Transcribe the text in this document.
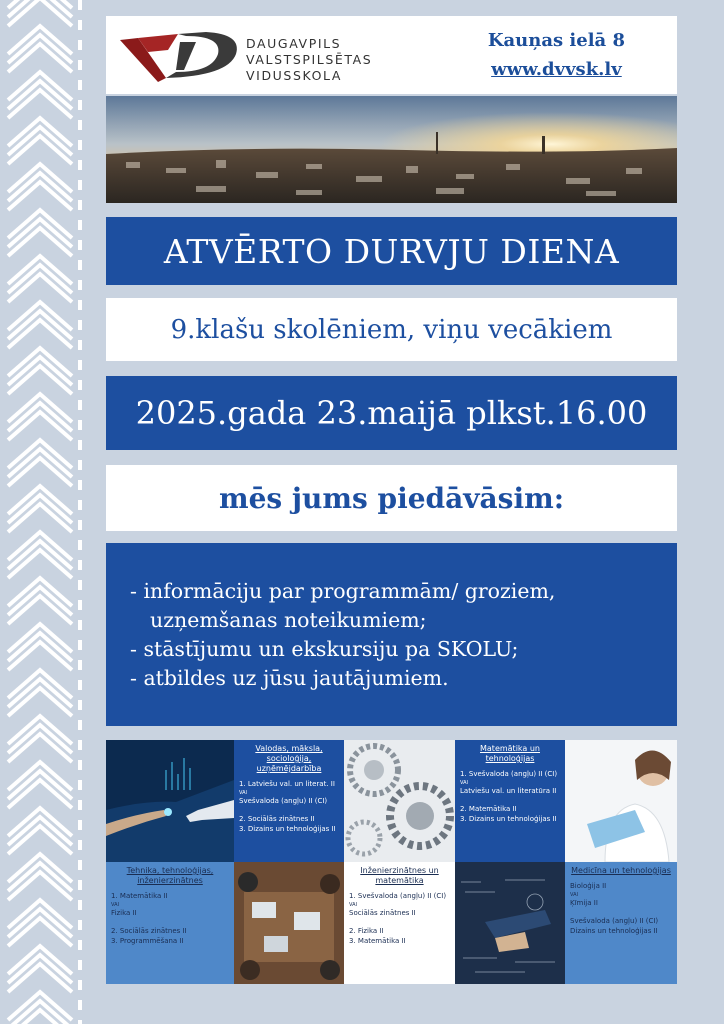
DAUGAVPILS
VALSTSPILSĒTAS
VIDUSSKOLA
Kauņas ielā 8
www.dvvsk.lv
ATVĒRTO DURVJU DIENA
9.klašu skolēniem, viņu vecākiem
2025.gada 23.maijā plkst.16.00
mēs jums piedāvāsim:
- informāciju par programmām/ groziem,
uzņemšanas noteikumiem;
- stāstījumu un ekskursiju pa SKOLU;
- atbildes uz jūsu jautājumiem.
Valodas, māksla, socioloģija, uzņēmējdarbība
1. Latviešu val. un literat. II
VAI
Svešvaloda (angļu) II (CI)
2. Sociālās zinātnes II
3. Dizains un tehnoloģijas II
Matemātika un tehnoloģijas
1. Svešvaloda (angļu) II (CI)
VAI
Latviešu val. un literatūra II
2. Matemātika II
3. Dizains un tehnoloģijas II
Tehnika, tehnoloģijas, inženierzinātnes
1. Matemātika II
VAI
Fizika II
2. Sociālās zinātnes II
3. Programmēšana II
Inženierzinātnes un matemātika
1. Svešvaloda (angļu) II (CI)
VAI
Sociālās zinātnes II
2. Fizika II
3. Matemātika II
Medicīna un tehnoloģijas
Bioloģija II
VAI
Ķīmija II
Svešvaloda (angļu) II (CI)
Dizains un tehnoloģijas II
